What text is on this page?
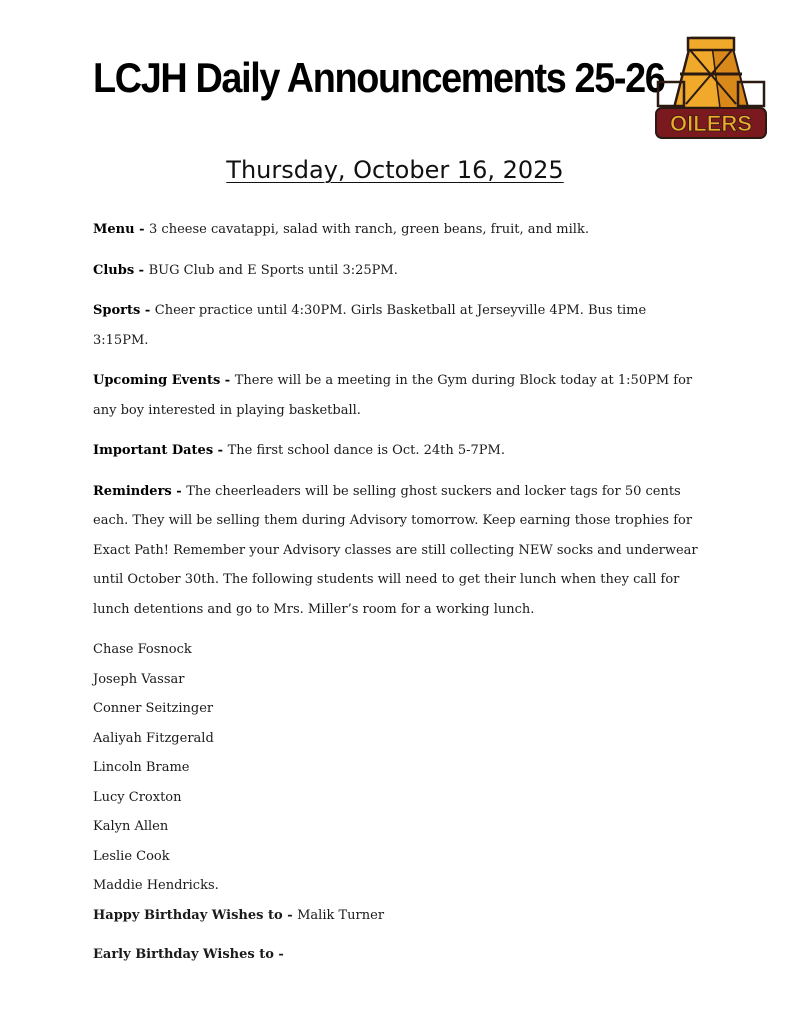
LCJH Daily Announcements 25-26
OILERS
Thursday, October 16, 2025

Menu - 3 cheese cavatappi, salad with ranch, green beans, fruit, and milk.

Clubs - BUG Club and E Sports until 3:25PM.

Sports - Cheer practice until 4:30PM. Girls Basketball at Jerseyville 4PM. Bus time 3:15PM.

Upcoming Events - There will be a meeting in the Gym during Block today at 1:50PM for any boy interested in playing basketball.

Important Dates - The first school dance is Oct. 24th 5-7PM.

Reminders - The cheerleaders will be selling ghost suckers and locker tags for 50 cents each. They will be selling them during Advisory tomorrow. Keep earning those trophies for Exact Path! Remember your Advisory classes are still collecting NEW socks and underwear until October 30th. The following students will need to get their lunch when they call for lunch detentions and go to Mrs. Miller’s room for a working lunch.

Chase Fosnock
Joseph Vassar
Conner Seitzinger
Aaliyah Fitzgerald
Lincoln Brame
Lucy Croxton
Kalyn Allen
Leslie Cook
Maddie Hendricks.

Happy Birthday Wishes to - Malik Turner

Early Birthday Wishes to -
